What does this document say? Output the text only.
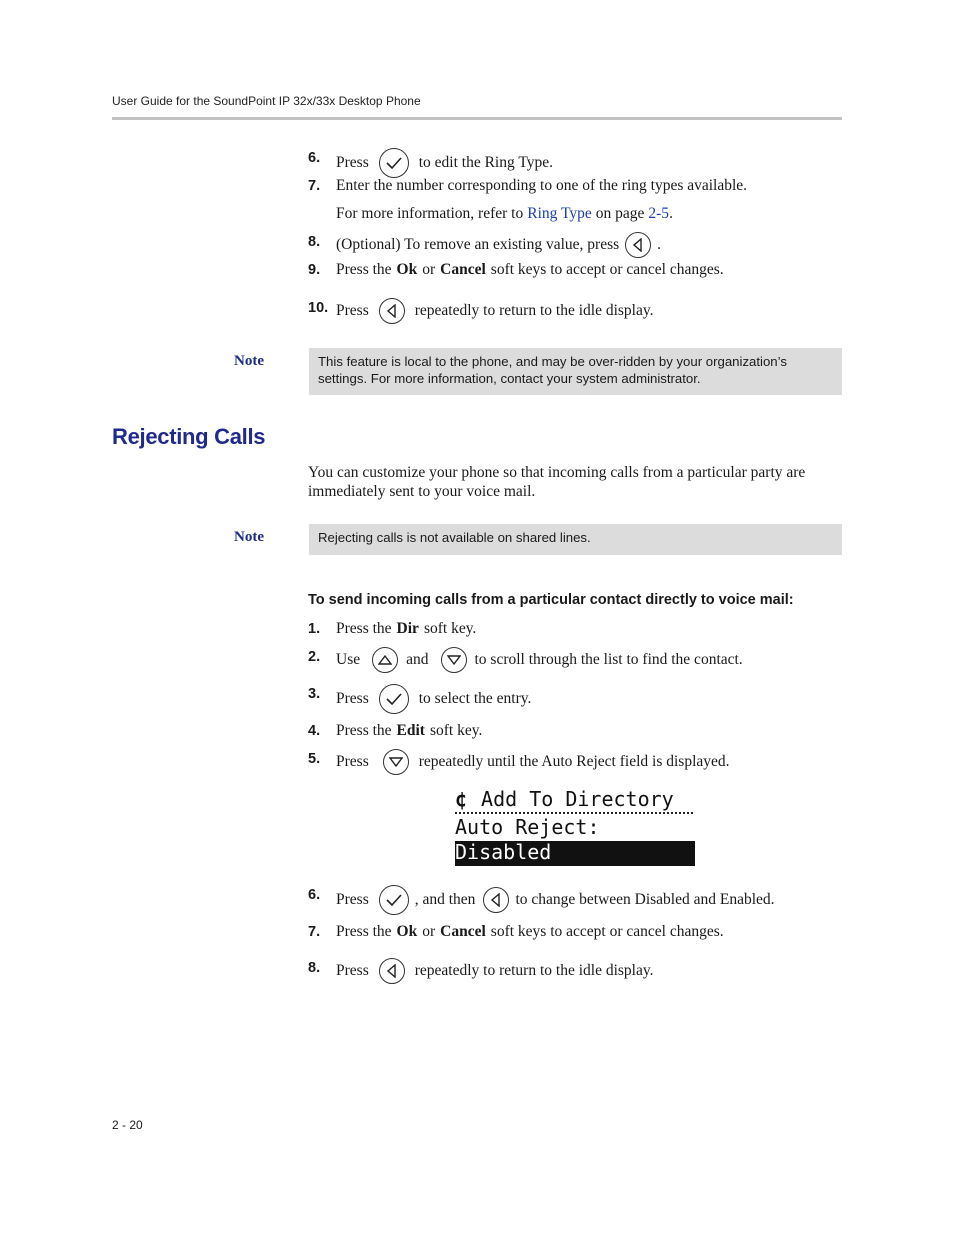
User Guide for the SoundPoint IP 32x/33x Desktop Phone
6.	Press	to edit the Ring Type.
7.	Enter the number corresponding to one of the ring types available.
For more information, refer to Ring Type on page 2-5.
8.	(Optional) To remove an existing value, press .
9.	Press the Ok or Cancel soft keys to accept or cancel changes.
10. Press	repeatedly to return to the idle display.
Note	This feature is local to the phone, and may be over-ridden by your organization’s settings. For more information, contact your system administrator.
Rejecting Calls
You can customize your phone so that incoming calls from a particular party are immediately sent to your voice mail.
Note	Rejecting calls is not available on shared lines.
To send incoming calls from a particular contact directly to voice mail:
1.	Press the Dir soft key.
2.	Use	and	to scroll through the list to find the contact.
3.	Press	to select the entry.
4.	Press the Edit soft key.
5.	Press	repeatedly until the Auto Reject field is displayed.
¢ Add To Directory
Auto Reject:
Disabled
6.	Press	, and then	to change between Disabled and Enabled.
7.	Press the Ok or Cancel soft keys to accept or cancel changes.
8.	Press	repeatedly to return to the idle display.
2 - 20
